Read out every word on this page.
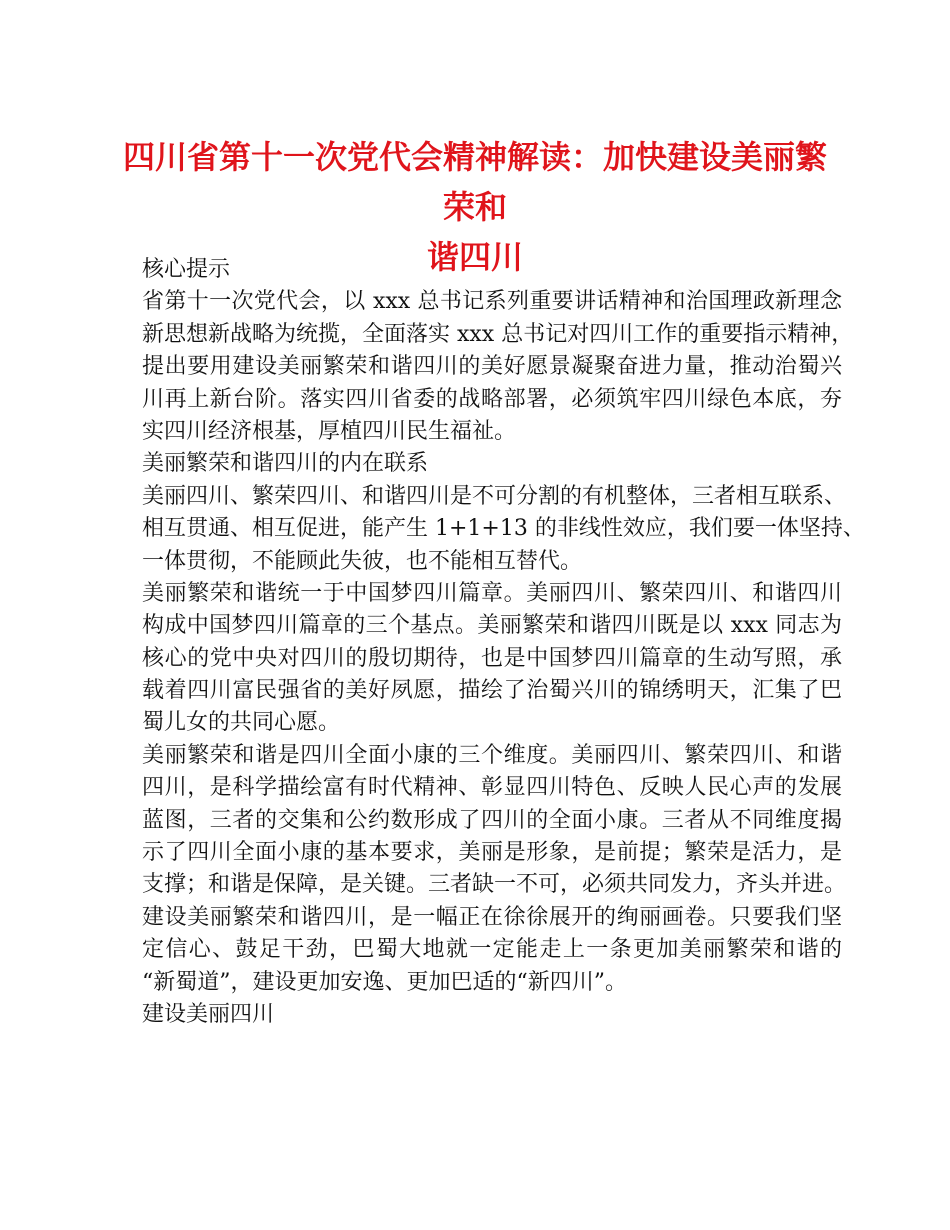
四川省第十一次党代会精神解读：加快建设美丽繁荣和
谐四川
核心提示
省第十一次党代会，以 xxx 总书记系列重要讲话精神和治国理政新理念
新思想新战略为统揽，全面落实 xxx 总书记对四川工作的重要指示精神，
提出要用建设美丽繁荣和谐四川的美好愿景凝聚奋进力量，推动治蜀兴
川再上新台阶。落实四川省委的战略部署，必须筑牢四川绿色本底，夯
实四川经济根基，厚植四川民生福祉。
美丽繁荣和谐四川的内在联系
美丽四川、繁荣四川、和谐四川是不可分割的有机整体，三者相互联系、
相互贯通、相互促进，能产生 1+1+13 的非线性效应，我们要一体坚持、
一体贯彻，不能顾此失彼，也不能相互替代。
美丽繁荣和谐统一于中国梦四川篇章。美丽四川、繁荣四川、和谐四川
构成中国梦四川篇章的三个基点。美丽繁荣和谐四川既是以 xxx 同志为
核心的党中央对四川的殷切期待，也是中国梦四川篇章的生动写照，承
载着四川富民强省的美好夙愿，描绘了治蜀兴川的锦绣明天，汇集了巴
蜀儿女的共同心愿。
美丽繁荣和谐是四川全面小康的三个维度。美丽四川、繁荣四川、和谐
四川，是科学描绘富有时代精神、彰显四川特色、反映人民心声的发展
蓝图，三者的交集和公约数形成了四川的全面小康。三者从不同维度揭
示了四川全面小康的基本要求，美丽是形象，是前提；繁荣是活力，是
支撑；和谐是保障，是关键。三者缺一不可，必须共同发力，齐头并进。
建设美丽繁荣和谐四川，是一幅正在徐徐展开的绚丽画卷。只要我们坚
定信心、鼓足干劲，巴蜀大地就一定能走上一条更加美丽繁荣和谐的
“新蜀道”，建设更加安逸、更加巴适的“新四川”。
建设美丽四川
